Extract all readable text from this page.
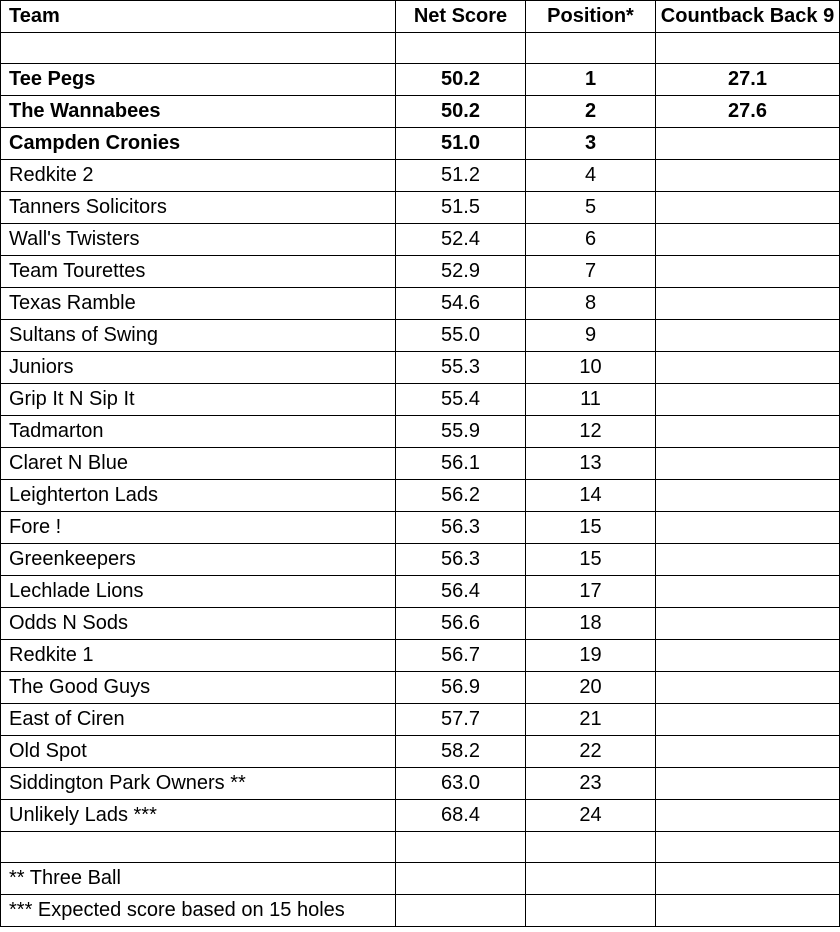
Team	Net Score	Position*	Countback Back 9

Tee Pegs	50.2	1	27.1
The Wannabees	50.2	2	27.6
Campden Cronies	51.0	3	
Redkite 2	51.2	4	
Tanners Solicitors	51.5	5	
Wall's Twisters	52.4	6	
Team Tourettes	52.9	7	
Texas Ramble	54.6	8	
Sultans of Swing	55.0	9	
Juniors	55.3	10	
Grip It N Sip It	55.4	11	
Tadmarton	55.9	12	
Claret N Blue	56.1	13	
Leighterton Lads	56.2	14	
Fore !	56.3	15	
Greenkeepers	56.3	15	
Lechlade Lions	56.4	17	
Odds N Sods	56.6	18	
Redkite 1	56.7	19	
The Good Guys	56.9	20	
East of Ciren	57.7	21	
Old Spot	58.2	22	
Siddington Park Owners **	63.0	23	
Unlikely Lads ***	68.4	24	

** Three Ball			
*** Expected score based on 15 holes			
